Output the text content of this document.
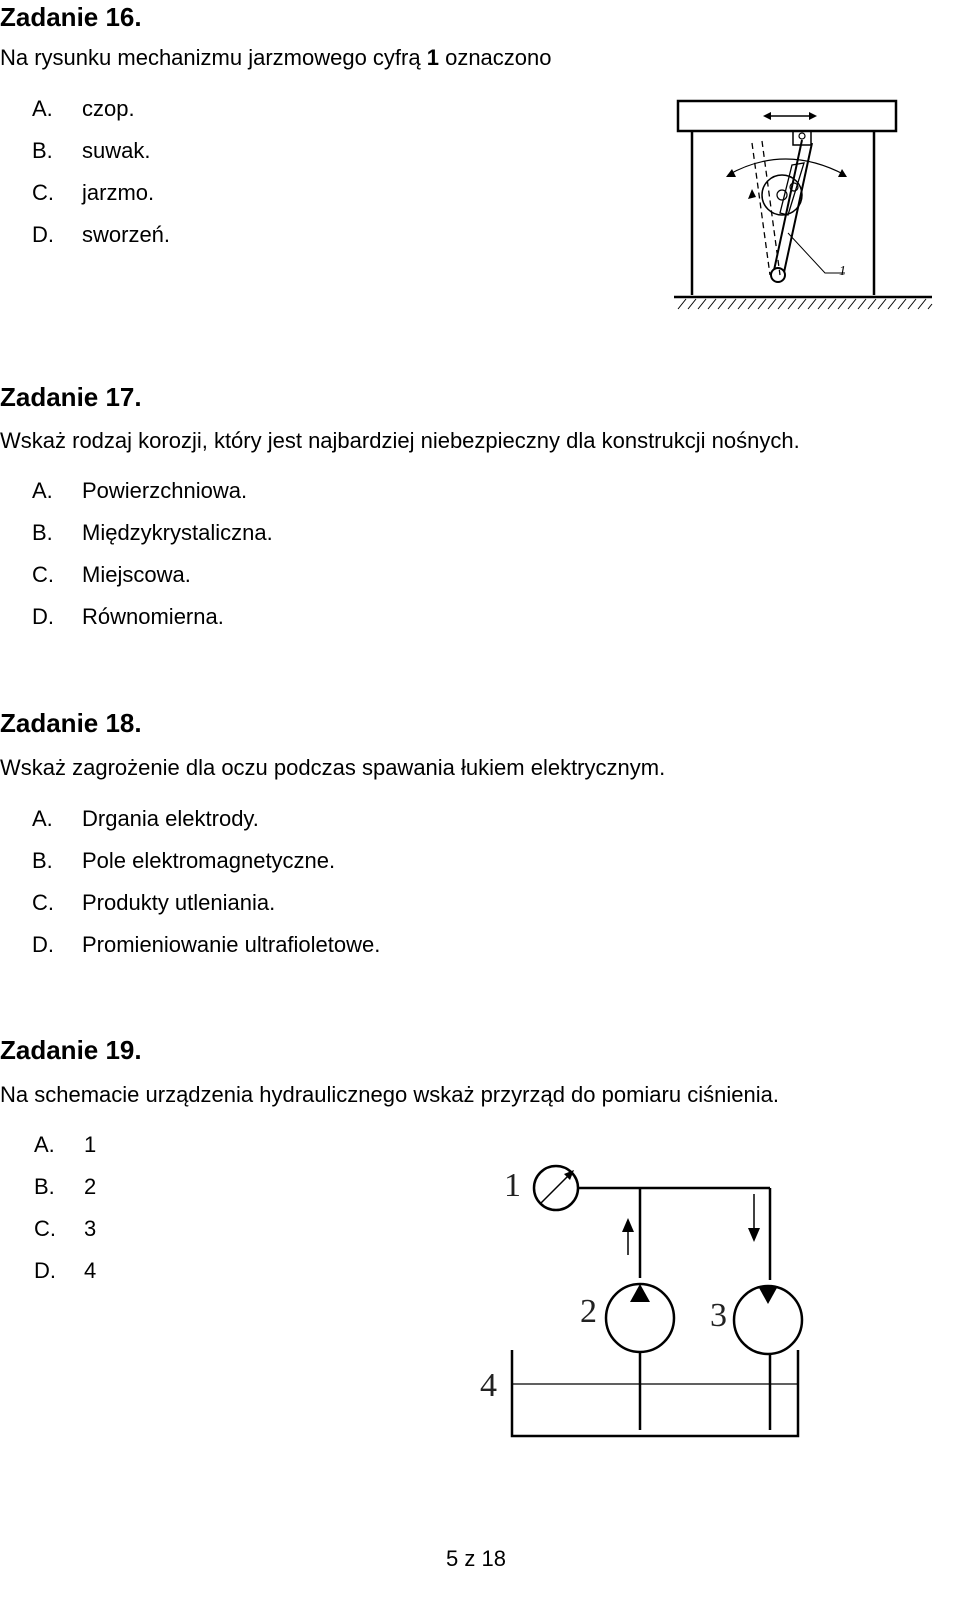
Zadanie 16.
Na rysunku mechanizmu jarzmowego cyfrą 1 oznaczono
A. czop.
B. suwak.
C. jarzmo.
D. sworzeń.
1
Zadanie 17.
Wskaż rodzaj korozji, który jest najbardziej niebezpieczny dla konstrukcji nośnych.
A. Powierzchniowa.
B. Międzykrystaliczna.
C. Miejscowa.
D. Równomierna.
Zadanie 18.
Wskaż zagrożenie dla oczu podczas spawania łukiem elektrycznym.
A. Drgania elektrody.
B. Pole elektromagnetyczne.
C. Produkty utleniania.
D. Promieniowanie ultrafioletowe.
Zadanie 19.
Na schemacie urządzenia hydraulicznego wskaż przyrząd do pomiaru ciśnienia.
A. 1
B. 2
C. 3
D. 4
1
2	3
4
5 z 18
